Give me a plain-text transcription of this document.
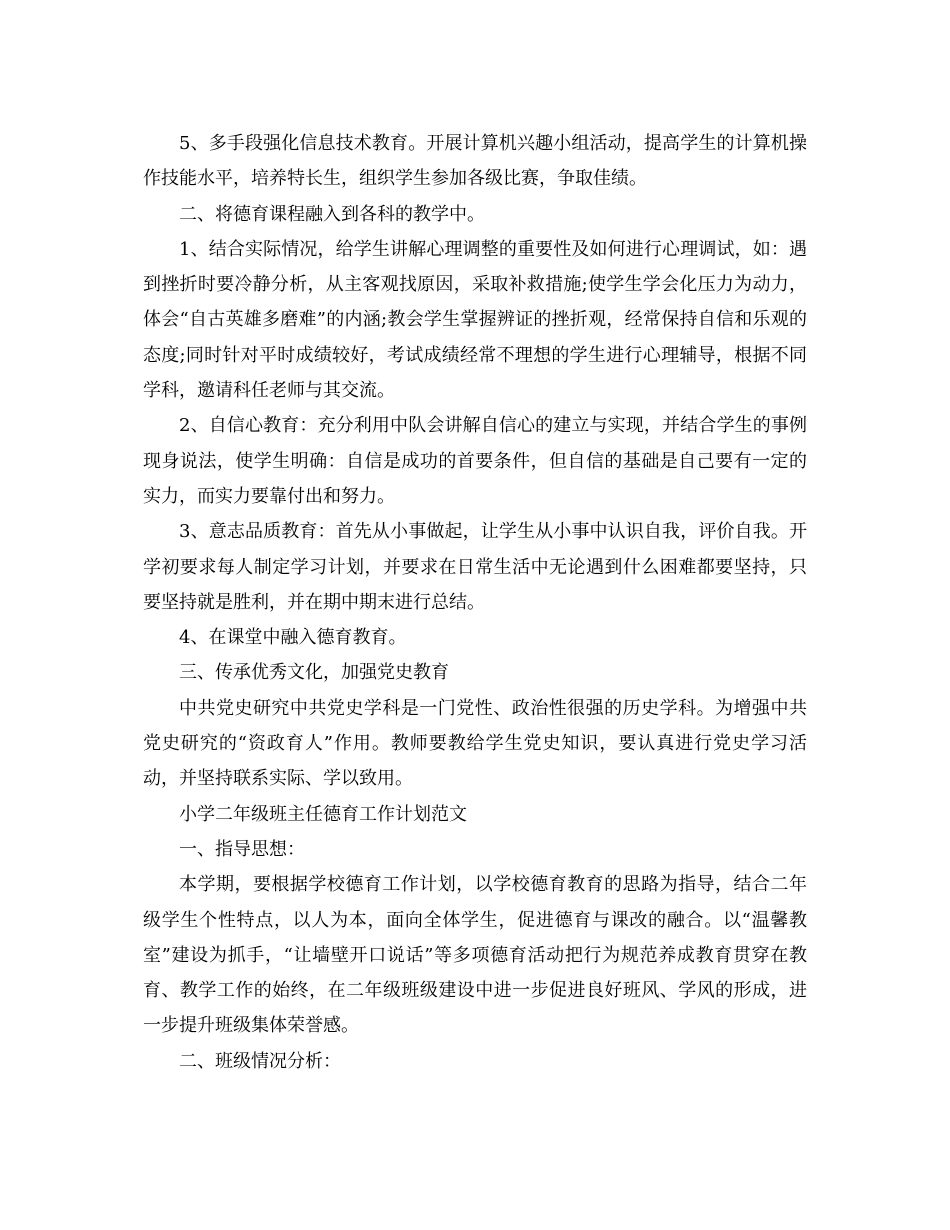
5、多手段强化信息技术教育。开展计算机兴趣小组活动，提高学生的计算机操作技能水平，培养特长生，组织学生参加各级比赛，争取佳绩。

二、将德育课程融入到各科的教学中。

1、结合实际情况，给学生讲解心理调整的重要性及如何进行心理调试，如：遇到挫折时要冷静分析，从主客观找原因，采取补救措施;使学生学会化压力为动力，体会“自古英雄多磨难”的内涵;教会学生掌握辨证的挫折观，经常保持自信和乐观的态度;同时针对平时成绩较好，考试成绩经常不理想的学生进行心理辅导，根据不同学科，邀请科任老师与其交流。

2、自信心教育：充分利用中队会讲解自信心的建立与实现，并结合学生的事例现身说法，使学生明确：自信是成功的首要条件，但自信的基础是自己要有一定的实力，而实力要靠付出和努力。

3、意志品质教育：首先从小事做起，让学生从小事中认识自我，评价自我。开学初要求每人制定学习计划，并要求在日常生活中无论遇到什么困难都要坚持，只要坚持就是胜利，并在期中期末进行总结。

4、在课堂中融入德育教育。

三、传承优秀文化，加强党史教育

中共党史研究中共党史学科是一门党性、政治性很强的历史学科。为增强中共党史研究的“资政育人”作用。教师要教给学生党史知识，要认真进行党史学习活动，并坚持联系实际、学以致用。

小学二年级班主任德育工作计划范文

一、指导思想：

本学期，要根据学校德育工作计划，以学校德育教育的思路为指导，结合二年级学生个性特点，以人为本，面向全体学生，促进德育与课改的融合。以“温馨教室”建设为抓手，“让墙壁开口说话”等多项德育活动把行为规范养成教育贯穿在教育、教学工作的始终，在二年级班级建设中进一步促进良好班风、学风的形成，进一步提升班级集体荣誉感。

二、班级情况分析：
